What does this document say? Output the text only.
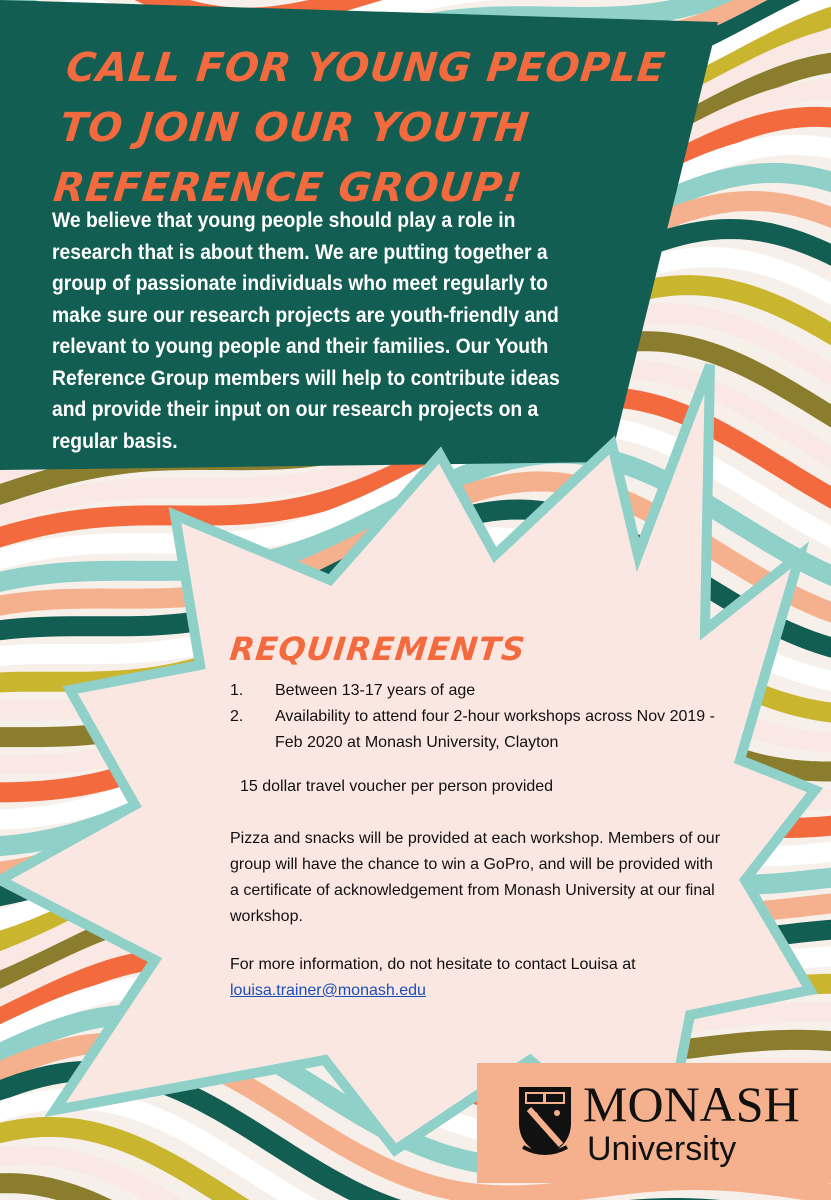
CALL FOR YOUNG PEOPLE
TO JOIN OUR YOUTH
REFERENCE GROUP!

We believe that young people should play a role in research that is about them. We are putting together a group of passionate individuals who meet regularly to make sure our research projects are youth-friendly and relevant to young people and their families. Our Youth Reference Group members will help to contribute ideas and provide their input on our research projects on a regular basis.

REQUIREMENTS
1.	Between 13-17 years of age
2.	Availability to attend four 2-hour workshops across Nov 2019 - Feb 2020 at Monash University, Clayton

15 dollar travel voucher per person provided

Pizza and snacks will be provided at each workshop. Members of our group will have the chance to win a GoPro, and will be provided with a certificate of acknowledgement from Monash University at our final workshop.

For more information, do not hesitate to contact Louisa at
louisa.trainer@monash.edu

MONASH
University
